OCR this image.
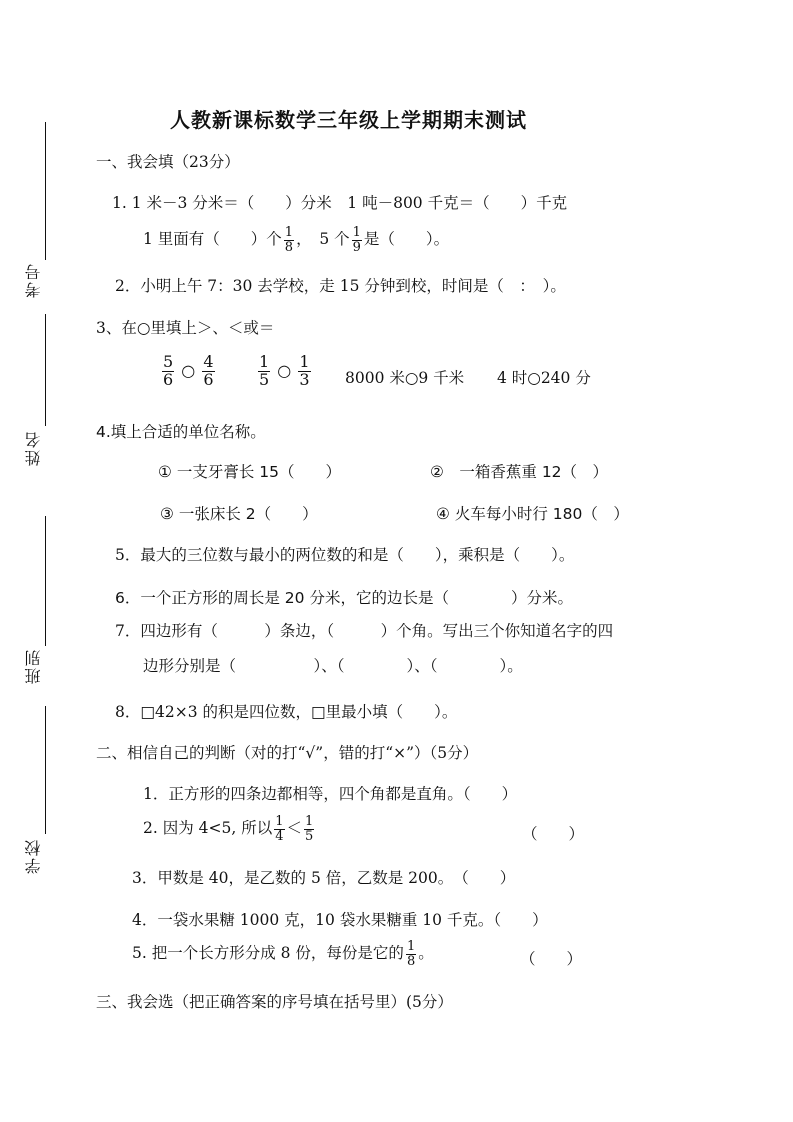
考号
姓名
班别
学校
人教新课标数学三年级上学期期末测试
一、我会填（23分）
1. 1 米－3 分米＝（　　）分米　1 吨－800 千克＝（　　）千克
1 里面有（　　）个 $\frac{1}{8}$ ，　5 个 $\frac{1}{9}$ 是（　　）。
2．小明上午 7：30 去学校，走 15 分钟到校，时间是（　：　）。
3、在○里填上＞、＜或＝
$\frac{5}{6}$ ○ $\frac{4}{6}$	$\frac{1}{5}$ ○ $\frac{1}{3} 8000$ 米○9 千米 4 时○240 分
4.填上合适的单位名称。
① 一支牙膏长 15（　　）	②　一箱香蕉重 12（　）
③ 一张床长 2（　　）	④ 火车每小时行 180（　）
5．最大的三位数与最小的两位数的和是（　　），乘积是（　　）。
6．一个正方形的周长是 20 分米，它的边长是（　　　　）分米。
7．四边形有（　　　）条边，（　　　）个角。写出三个你知道名字的四
边形分别是（　　　　　）、（　　　　）、（　　　　）。
8．□42×3 的积是四位数，□里最小填（　　）。
二、相信自己的判断（对的打“√”，错的打“×”）（5分）
1．正方形的四条边都相等，四个角都是直角。（　　）
2. 因为 4<5, 所以 $\frac{1}{4} < \frac{1}{5}$	（　　）
3．甲数是 40，是乙数的 5 倍，乙数是 200。　（　　）
4．一袋水果糖 1000 克，10 袋水果糖重 10 千克。（　　）
5. 把一个长方形分成 8 份，每份是它的 $\frac{1}{8}$ 。	（　　）
三、我会选（把正确答案的序号填在括号里）(5分）
